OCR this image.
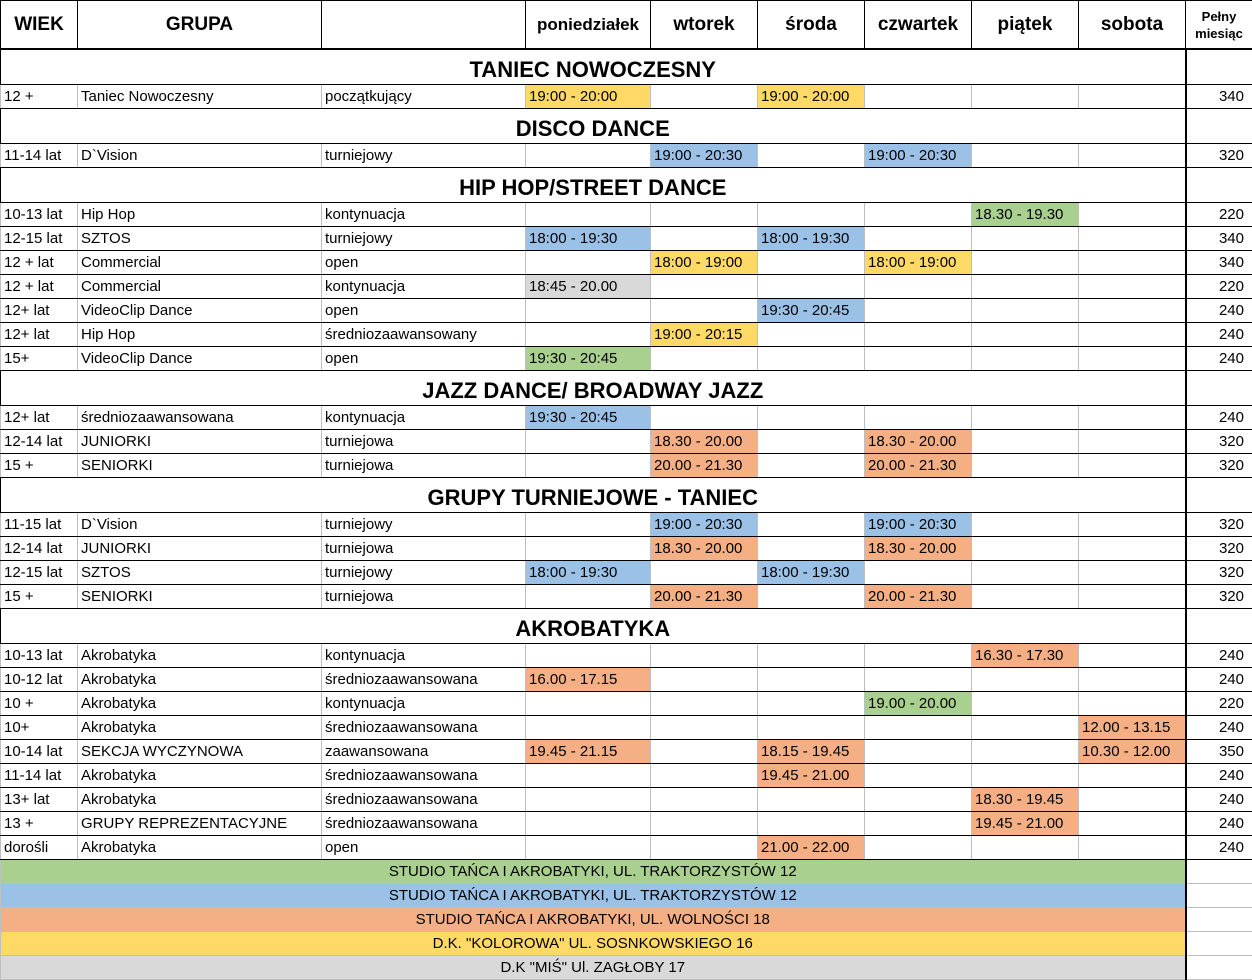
WIEK	GRUPA		poniedziałek	wtorek	środa	czwartek	piątek	sobota	Pełny
miesiąc
TANIEC NOWOCZESNY									
12 +	Taniec Nowoczesny	początkujący	19:00 - 20:00		19:00 - 20:00				340
DISCO DANCE									
11-14 lat	D`Vision	turniejowy		19:00 - 20:30		19:00 - 20:30			320
HIP HOP/STREET DANCE									
10-13 lat	Hip Hop	kontynuacja					18.30 - 19.30		220
12-15 lat	SZTOS	turniejowy	18:00 - 19:30		18:00 - 19:30				340
12 + lat	Commercial	open		18:00 - 19:00		18:00 - 19:00			340
12 + lat	Commercial	kontynuacja	18:45 - 20.00						220
12+ lat	VideoClip Dance	open			19:30 - 20:45				240
12+ lat	Hip Hop	średniozaawansowany		19:00 - 20:15					240
15+	VideoClip Dance	open	19:30 - 20:45						240
JAZZ DANCE/ BROADWAY JAZZ									
12+ lat	średniozaawansowana	kontynuacja	19:30 - 20:45						240
12-14 lat	JUNIORKI	turniejowa		18.30 - 20.00		18.30 - 20.00			320
15 +	SENIORKI	turniejowa		20.00 - 21.30		20.00 - 21.30			320
GRUPY TURNIEJOWE - TANIEC									
11-15 lat	D`Vision	turniejowy		19:00 - 20:30		19:00 - 20:30			320
12-14 lat	JUNIORKI	turniejowa		18.30 - 20.00		18.30 - 20.00			320
12-15 lat	SZTOS	turniejowy	18:00 - 19:30		18:00 - 19:30				320
15 +	SENIORKI	turniejowa		20.00 - 21.30		20.00 - 21.30			320
AKROBATYKA									
10-13 lat	Akrobatyka	kontynuacja					16.30 - 17.30		240
10-12 lat	Akrobatyka	średniozaawansowana	16.00 - 17.15						240
10 +	Akrobatyka	kontynuacja				19.00 - 20.00			220
10+	Akrobatyka	średniozaawansowana						12.00 - 13.15	240
10-14 lat	SEKCJA WYCZYNOWA	zaawansowana	19.45 - 21.15		18.15 - 19.45			10.30 - 12.00	350
11-14 lat	Akrobatyka	średniozaawansowana			19.45 - 21.00				240
13+ lat	Akrobatyka	średniozaawansowana					18.30 - 19.45		240
13 +	GRUPY REPREZENTACYJNE	średniozaawansowana					19.45 - 21.00		240
dorośli	Akrobatyka	open			21.00 - 22.00				240
STUDIO TAŃCA I AKROBATYKI, UL. TRAKTORZYSTÓW 12									
STUDIO TAŃCA I AKROBATYKI, UL. TRAKTORZYSTÓW 12									
STUDIO TAŃCA I AKROBATYKI, UL. WOLNOŚCI 18									
D.K. "KOLOROWA" UL. SOSNKOWSKIEGO 16									
D.K "MIŚ" Ul. ZAGŁOBY 17									
